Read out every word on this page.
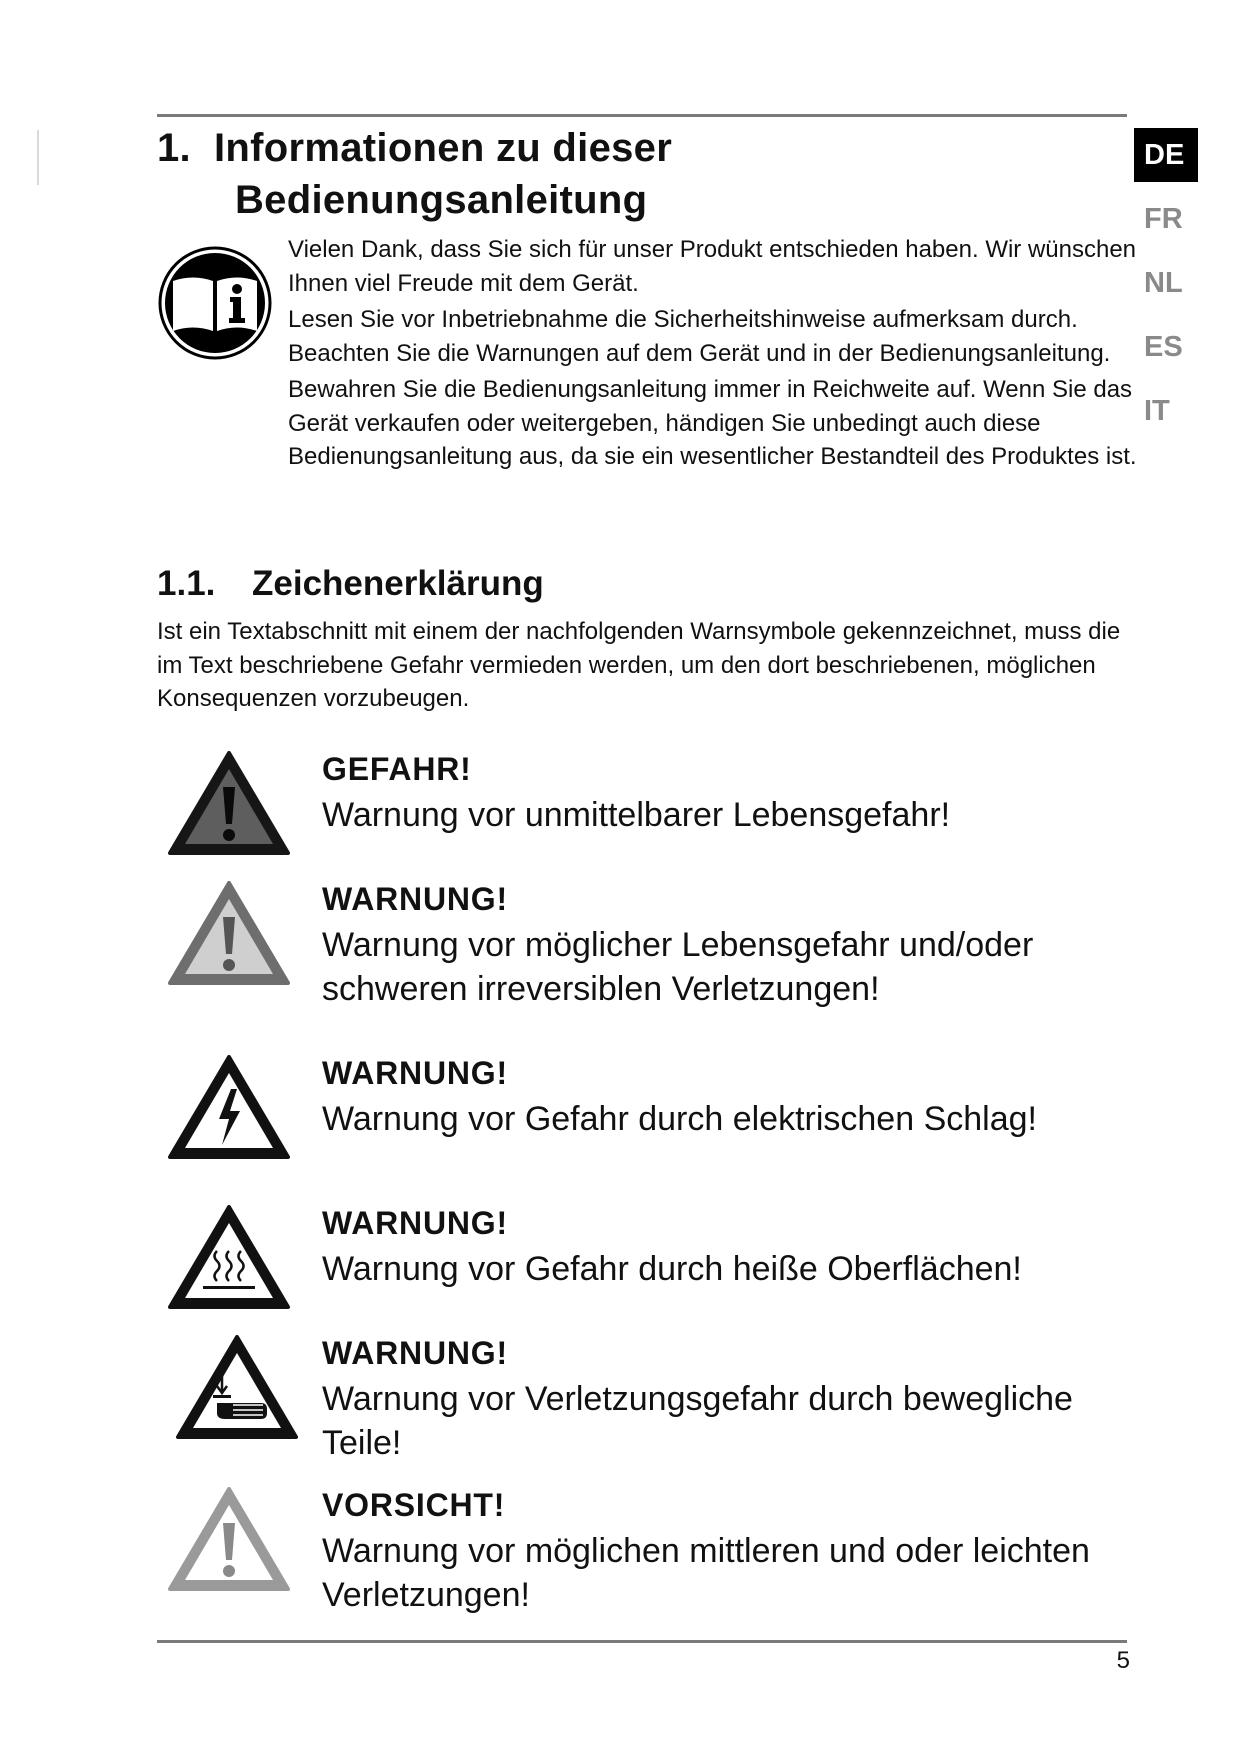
1. Informationen zu dieser
Bedienungsanleitung

Vielen Dank, dass Sie sich für unser Produkt entschieden haben. Wir wünschen Ihnen viel Freude mit dem Gerät.

Lesen Sie vor Inbetriebnahme die Sicherheitshinweise aufmerksam durch. Beachten Sie die Warnungen auf dem Gerät und in der Bedienungsanleitung.

Bewahren Sie die Bedienungsanleitung immer in Reichweite auf. Wenn Sie das Gerät verkaufen oder weitergeben, händigen Sie unbedingt auch diese Bedienungsanleitung aus, da sie ein wesentlicher Bestandteil des Produktes ist.

1.1. Zeichenerklärung

Ist ein Textabschnitt mit einem der nachfolgenden Warnsymbole gekennzeichnet, muss die im Text beschriebene Gefahr vermieden werden, um den dort beschriebenen, möglichen Konsequenzen vorzubeugen.

GEFAHR!

Warnung vor unmittelbarer Lebensgefahr!

WARNUNG!

Warnung vor möglicher Lebensgefahr und/oder schweren irreversiblen Verletzungen!

WARNUNG!

Warnung vor Gefahr durch elektrischen Schlag!

WARNUNG!

Warnung vor Gefahr durch heiße Oberflächen!

WARNUNG!

Warnung vor Verletzungsgefahr durch bewegliche Teile!

VORSICHT!

Warnung vor möglichen mittleren und oder leichten Verletzungen!

DE
FR
NL
ES
IT
5
